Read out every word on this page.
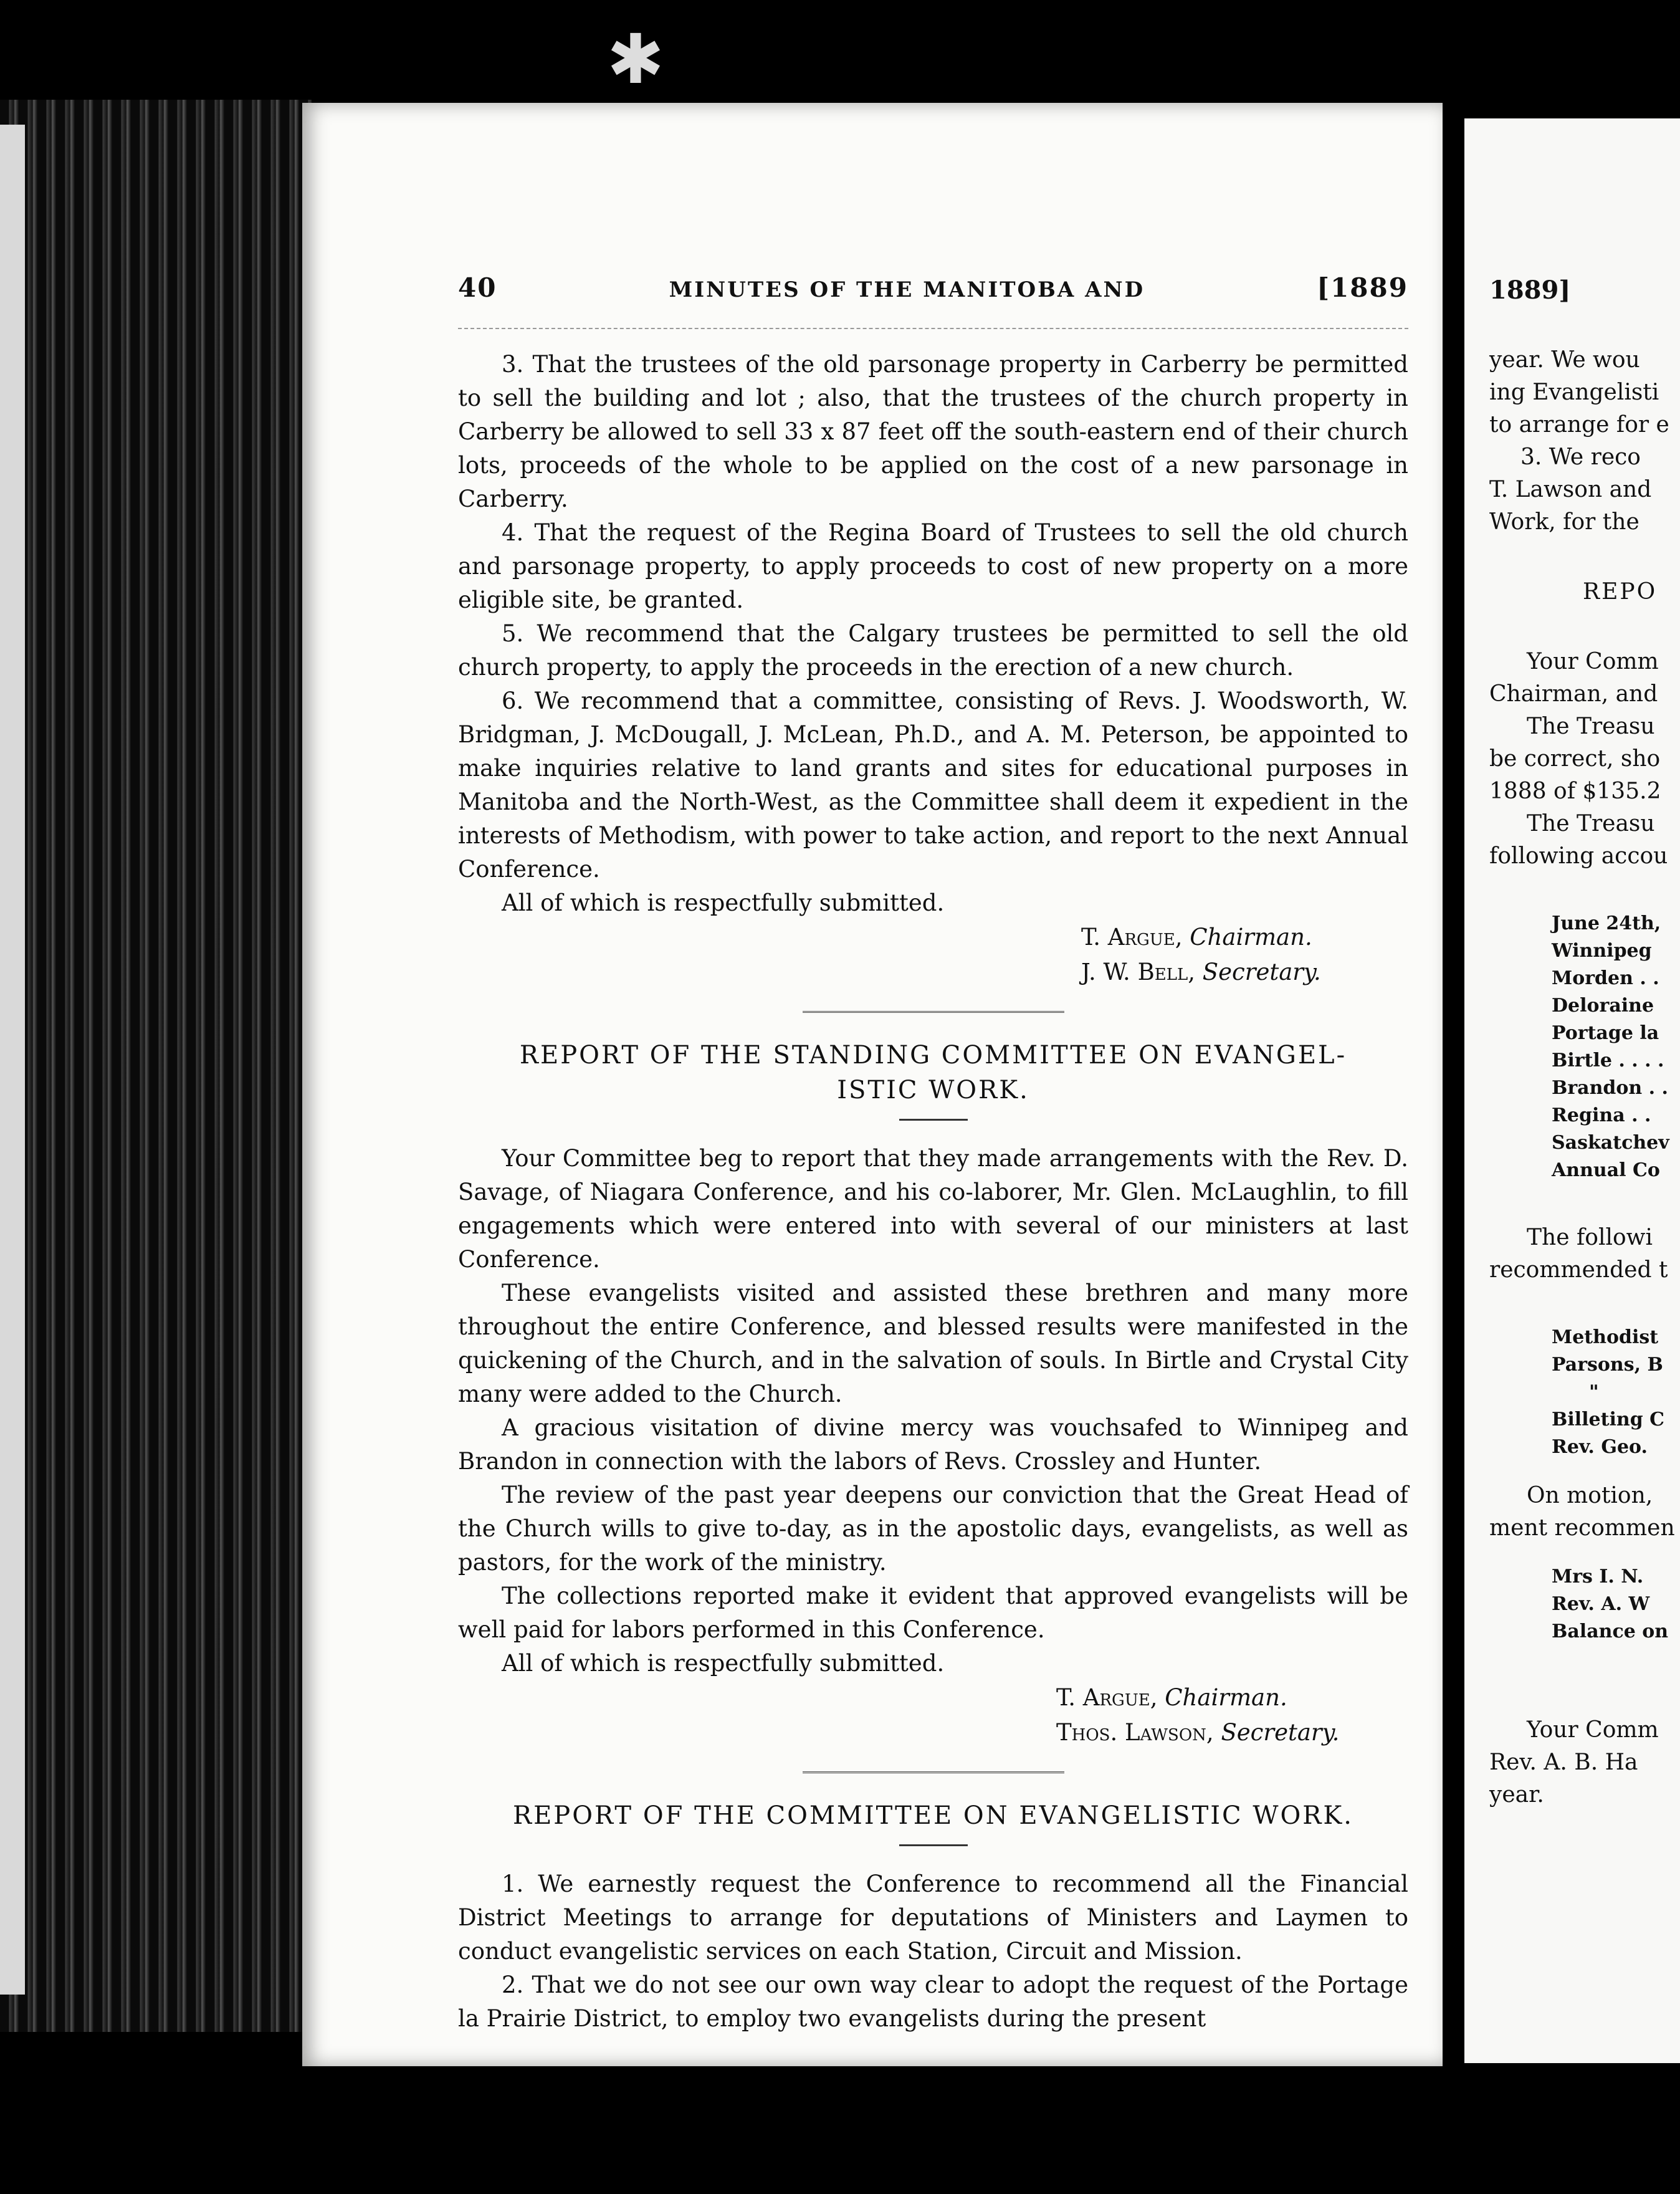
✱
40	MINUTES OF THE MANITOBA AND	[1889

3. That the trustees of the old parsonage property in Carberry be permitted to sell the building and lot ; also, that the trustees of the church property in Carberry be allowed to sell 33 x 87 feet off the south-eastern end of their church lots, proceeds of the whole to be applied on the cost of a new parsonage in Carberry.

4. That the request of the Regina Board of Trustees to sell the old church and parsonage property, to apply proceeds to cost of new property on a more eligible site, be granted.

5. We recommend that the Calgary trustees be permitted to sell the old church property, to apply the proceeds in the erection of a new church.

6. We recommend that a committee, consisting of Revs. J. Woodsworth, W. Bridgman, J. McDougall, J. McLean, Ph.D., and A. M. Peterson, be appointed to make inquiries relative to land grants and sites for educational purposes in Manitoba and the North-West, as the Committee shall deem it expedient in the interests of Methodism, with power to take action, and report to the next Annual Conference.

All of which is respectfully submitted.

T. Argue, Chairman.
J. W. Bell, Secretary.
REPORT OF THE STANDING COMMITTEE ON EVANGEL-
ISTIC WORK.

Your Committee beg to report that they made arrangements with the Rev. D. Savage, of Niagara Conference, and his co-laborer, Mr. Glen. McLaughlin, to fill engagements which were entered into with several of our ministers at last Conference.

These evangelists visited and assisted these brethren and many more throughout the entire Conference, and blessed results were manifested in the quickening of the Church, and in the salvation of souls. In Birtle and Crystal City many were added to the Church.

A gracious visitation of divine mercy was vouchsafed to Winnipeg and Brandon in connection with the labors of Revs. Crossley and Hunter.

The review of the past year deepens our conviction that the Great Head of the Church wills to give to-day, as in the apostolic days, evangelists, as well as pastors, for the work of the ministry.

The collections reported make it evident that approved evangelists will be well paid for labors performed in this Conference.

All of which is respectfully submitted.

T. Argue, Chairman.
Thos. Lawson, Secretary.
REPORT OF THE COMMITTEE ON EVANGELISTIC WORK.

1. We earnestly request the Conference to recommend all the Financial District Meetings to arrange for deputations of Ministers and Laymen to conduct evangelistic services on each Station, Circuit and Mission.

2. That we do not see our own way clear to adopt the request of the Portage la Prairie District, to employ two evangelists during the present

1889]
year. We wou
ing Evangelisti
to arrange for e
3. We reco
T. Lawson and
Work, for the
REPO
Your Comm
Chairman, and
The Treasu
be correct, sho
1888 of $135.2
The Treasu
following accou
June 24th,
Winnipeg
Morden . .
Deloraine
Portage la
Birtle . . . .
Brandon . .
Regina . .
Saskatchev
Annual Co
The followi
recommended t
Methodist
Parsons, B
"
Billeting C
Rev. Geo.
On motion,
ment recommen
Mrs I. N.
Rev. A. W
Balance on
Your Comm
Rev. A. B. Ha
year.
